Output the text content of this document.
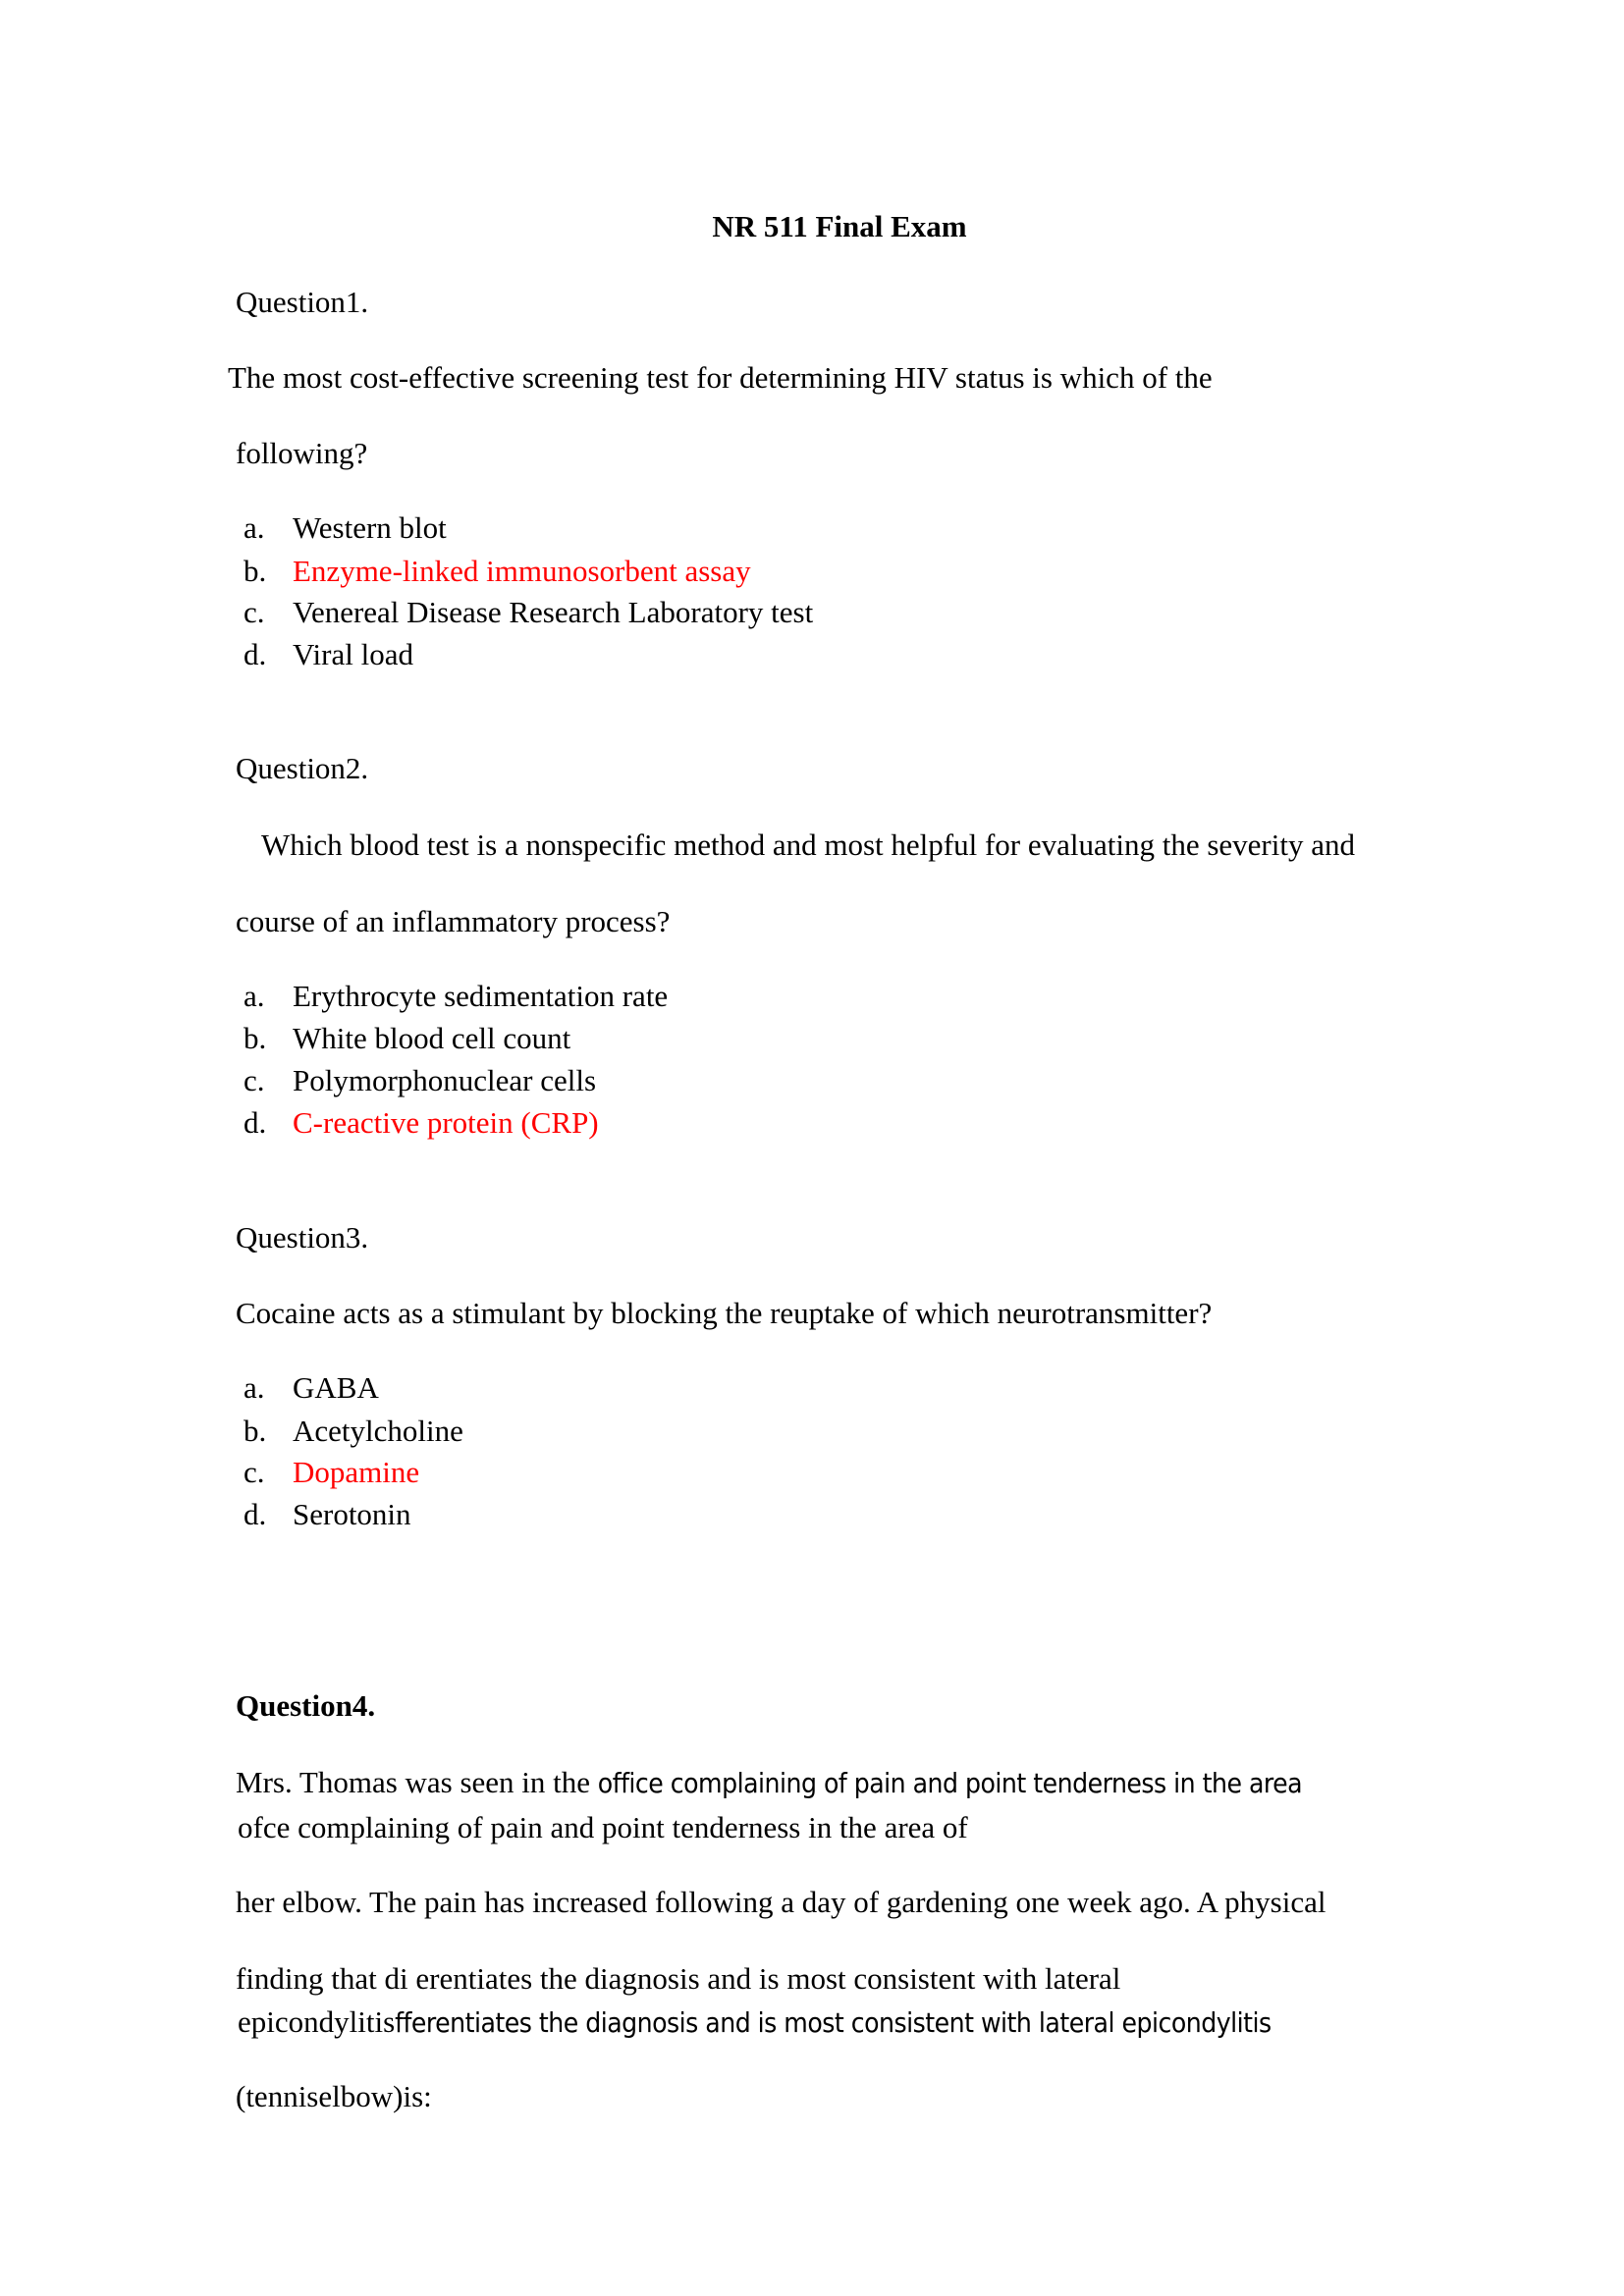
NR 511 Final Exam
Question1.
The most cost-effective screening test for determining HIV status is which of the
following?
a. Western blot
b. Enzyme-linked immunosorbent assay
c. Venereal Disease Research Laboratory test
d. Viral load
Question2.
Which blood test is a nonspecific method and most helpful for evaluating the severity and
course of an inflammatory process?
a. Erythrocyte sedimentation rate
b. White blood cell count
c. Polymorphonuclear cells
d. C-reactive protein (CRP)
Question3.
Cocaine acts as a stimulant by blocking the reuptake of which neurotransmitter?
a. GABA
b. Acetylcholine
c. Dopamine
d. Serotonin
Question4.
Mrs. Thomas was seen in the office complaining of pain and point tenderness in the area
ofce complaining of pain and point tenderness in the area of
her elbow. The pain has increased following a day of gardening one week ago. A physical
finding that di erentiates the diagnosis and is most consistent with lateral
epicondylitisfferentiates the diagnosis and is most consistent with lateral epicondylitis
(tenniselbow)is:
